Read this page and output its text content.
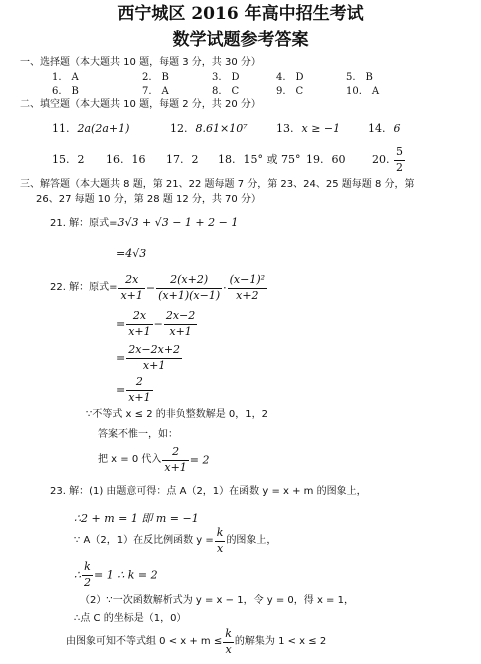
西宁城区 2016 年高中招生考试
数学试题参考答案
一、选择题（本大题共 10 题，每题 3 分，共 30 分）
1. A	2. B	3. D	4. D	5. B
6. B	7. A	8. C	9. C	10. A
二、填空题（本大题共 10 题，每题 2 分，共 20 分）
11. 2a(2a+1)	12. 8.61×10⁷	13. x ≥ −1	14. 6
15. 2 16. 16 17. 2 18. 15° 或 75° 19. 60 20. $\frac{5}{2}$
三、解答题（本大题共 8 题，第 21、22 题每题 7 分，第 23、24、25 题每题 8 分，第
26、27 每题 10 分，第 28 题 12 分，共 70 分）
21. 解：原式=3√3 + √3 − 1 + 2 − 1
=4√3
22. 解：原式= $\frac{2x}{x+1} - \frac{2(x+2)}{(x+1)(x-1)} \cdot \frac{\text{(x−1)²}}{x+2}$
= $\frac{2x}{x+1} - \frac{2x-2}{x+1}$
= $\frac{2x-2x+2}{x+1}$
= $\frac{2}{x+1}$
∵不等式 x ≤ 2 的非负整数解是 0，1，2
答案不惟一，如：
把 x = 0 代入 $\frac{2}{x+1} = 2$
23. 解：(1) 由题意可得：点 A（2，1）在函数 y = x + m 的图象上，
∴2 + m = 1 即 m = −1
∵ A（2，1）在反比例函数 $y = \frac{k}{x}$ 的图象上，
∴ $\frac{k}{2} = 1$ ∴ k = 2
（2）∵一次函数解析式为 y = x − 1，令 y = 0，得 x = 1，
∴点 C 的坐标是（1，0）
由图象可知不等式组 $0 < x + m \le \frac{k}{x}$ 的解集为 1 < x ≤ 2
